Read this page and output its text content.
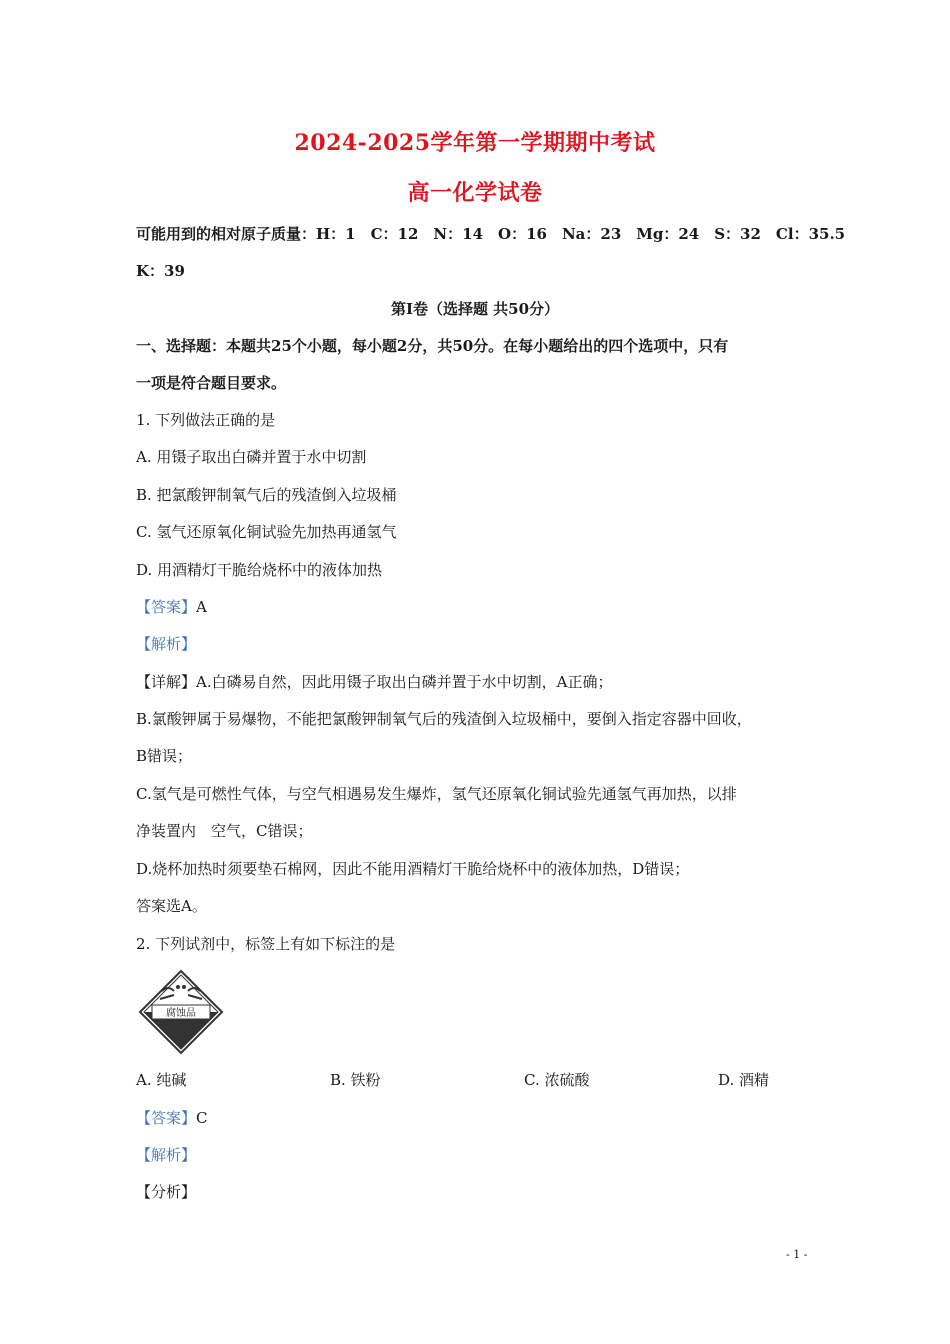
2024-2025学年第一学期期中考试
高一化学试卷
可能用到的相对原子质量：H：1　C：12　N：14　O：16　Na：23　Mg：24　S：32　Cl：35.5
K：39
第Ⅰ卷（选择题 共50分）
一、选择题：本题共25个小题，每小题2分，共50分。在每小题给出的四个选项中，只有
一项是符合题目要求。
1. 下列做法正确的是
A. 用镊子取出白磷并置于水中切割
B. 把氯酸钾制氧气后的残渣倒入垃圾桶
C. 氢气还原氧化铜试验先加热再通氢气
D. 用酒精灯干脆给烧杯中的液体加热
【答案】A
【解析】
【详解】A.白磷易自然，因此用镊子取出白磷并置于水中切割，A正确；
B.氯酸钾属于易爆物，不能把氯酸钾制氧气后的残渣倒入垃圾桶中，要倒入指定容器中回收，
B错误；
C.氢气是可燃性气体，与空气相遇易发生爆炸，氢气还原氧化铜试验先通氢气再加热，以排
净装置内　空气，C错误；
D.烧杯加热时须要垫石棉网，因此不能用酒精灯干脆给烧杯中的液体加热，D错误；
答案选A。
2. 下列试剂中，标签上有如下标注的是
腐蚀品
A. 纯碱	B. 铁粉	C. 浓硫酸	D. 酒精
【答案】C
【解析】
【分析】
- 1 -
